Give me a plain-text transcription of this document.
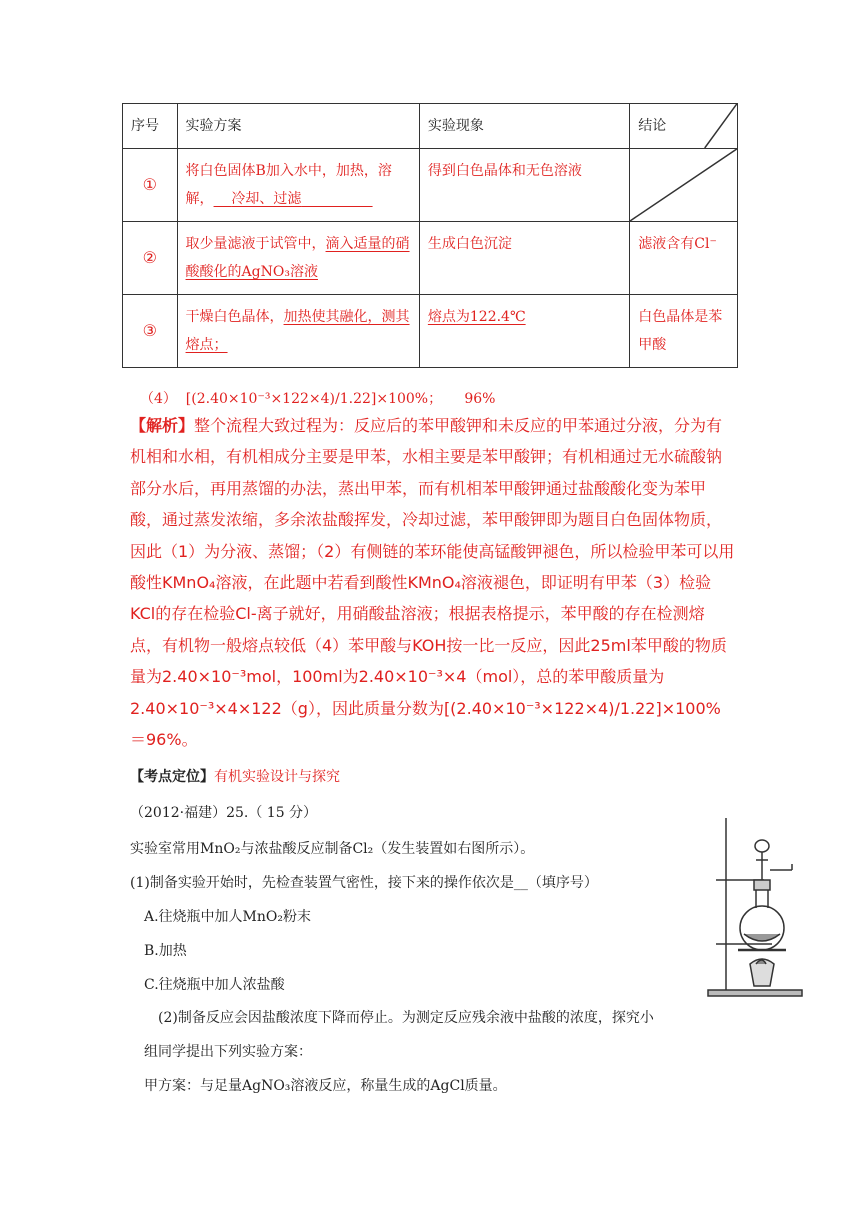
序号	实验方案	实验现象	结论

①	将白色固体B加入水中，加热，溶解， 冷却、过滤	得到白色晶体和无色溶液	

②	取少量滤液于试管中，滴入适量的硝酸酸化的AgNO₃溶液	生成白色沉淀	滤液含有Cl⁻
③	干燥白色晶体，加热使其融化，测其熔点；	熔点为122.4℃	白色晶体是苯甲酸
（4）  [(2.40×10⁻³×122×4)/1.22]×100%；     96%
【解析】整个流程大致过程为：反应后的苯甲酸钾和未反应的甲苯通过分液，分为有机相和水相，有机相成分主要是甲苯，水相主要是苯甲酸钾；有机相通过无水硫酸钠部分水后，再用蒸馏的办法，蒸出甲苯，而有机相苯甲酸钾通过盐酸酸化变为苯甲酸，通过蒸发浓缩，多余浓盐酸挥发，冷却过滤，苯甲酸钾即为题目白色固体物质，因此（1）为分液、蒸馏；（2）有侧链的苯环能使高锰酸钾褪色，所以检验甲苯可以用酸性KMnO₄溶液，在此题中若看到酸性KMnO₄溶液褪色，即证明有甲苯（3）检验KCl的存在检验Cl-离子就好，用硝酸盐溶液；根据表格提示，苯甲酸的存在检测熔点，有机物一般熔点较低（4）苯甲酸与KOH按一比一反应，因此25ml苯甲酸的物质量为2.40×10⁻³mol，100ml为2.40×10⁻³×4（mol），总的苯甲酸质量为2.40×10⁻³×4×122（g），因此质量分数为[(2.40×10⁻³×122×4)/1.22]×100%＝96%。
【考点定位】有机实验设计与探究
（2012·福建）25.（ 15 分）
实验室常用MnO₂与浓盐酸反应制备Cl₂（发生装置如右图所示）。
(1)制备实验开始时，先检查装置气密性，接下来的操作依次是__（填序号）
A.往烧瓶中加人MnO₂粉末
B.加热
C.往烧瓶中加人浓盐酸
(2)制备反应会因盐酸浓度下降而停止。为测定反应残余液中盐酸的浓度，探究小
组同学提出下列实验方案：
甲方案：与足量AgNO₃溶液反应，称量生成的AgCl质量。
